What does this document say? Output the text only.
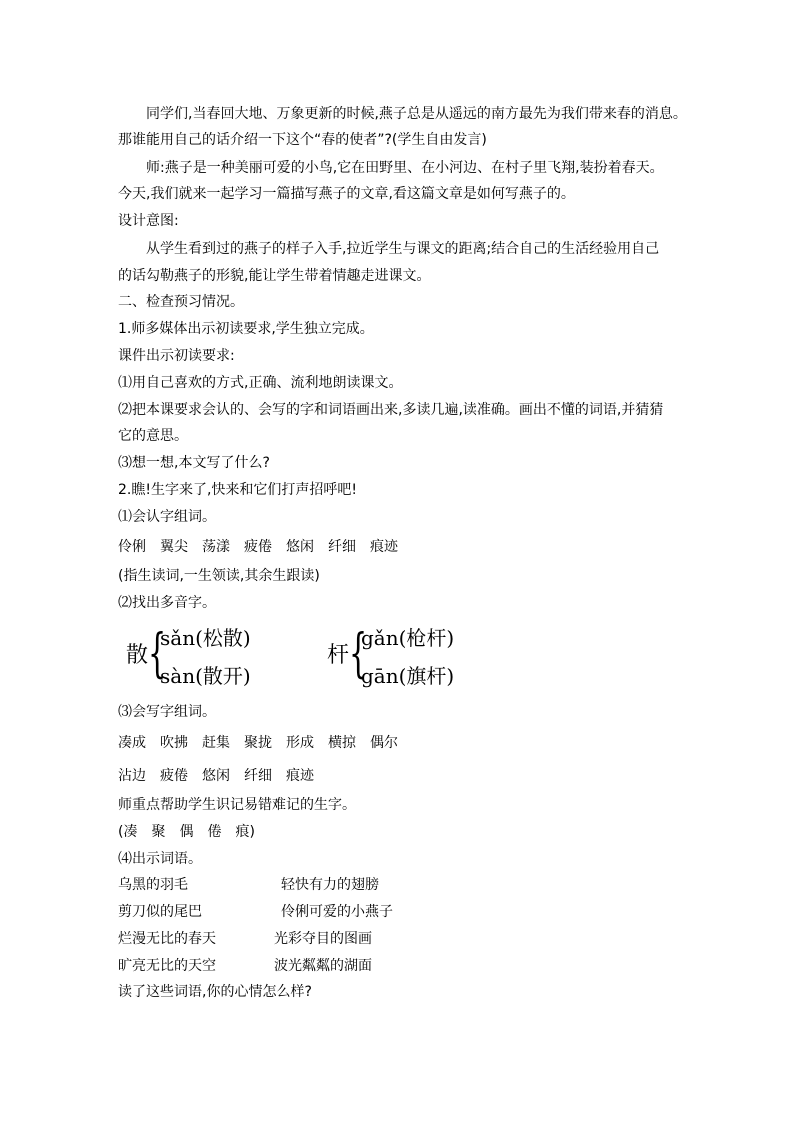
同学们,当春回大地、万象更新的时候,燕子总是从遥远的南方最先为我们带来春的消息。
那谁能用自己的话介绍一下这个“春的使者”?(学生自由发言)
师:燕子是一种美丽可爱的小鸟,它在田野里、在小河边、在村子里飞翔,装扮着春天。
今天,我们就来一起学习一篇描写燕子的文章,看这篇文章是如何写燕子的。
设计意图:
从学生看到过的燕子的样子入手,拉近学生与课文的距离;结合自己的生活经验用自己
的话勾勒燕子的形貌,能让学生带着情趣走进课文。
二、检查预习情况。
1.师多媒体出示初读要求,学生独立完成。
课件出示初读要求:
⑴用自己喜欢的方式,正确、流利地朗读课文。
⑵把本课要求会认的、会写的字和词语画出来,多读几遍,读准确。画出不懂的词语,并猜猜
它的意思。
⑶想一想,本文写了什么?
2.瞧!生字来了,快来和它们打声招呼吧!
⑴会认字组词。
伶俐 翼尖 荡漾 疲倦 悠闲 纤细 痕迹
(指生读词,一生领读,其余生跟读)
⑵找出多音字。
散 {
sǎn(松散)
sàn(散开)
杆 {
gǎn(枪杆)
gān(旗杆)
⑶会写字组词。
凑成 吹拂 赶集 聚拢 形成 横掠 偶尔
沾边 疲倦 悠闲 纤细 痕迹
师重点帮助学生识记易错难记的生字。
(凑　聚　偶　倦　痕)
⑷出示词语。
乌黑的羽毛	轻快有力的翅膀
剪刀似的尾巴	伶俐可爱的小燕子
烂漫无比的春天	光彩夺目的图画
旷亮无比的天空	波光粼粼的湖面
读了这些词语,你的心情怎么样?
